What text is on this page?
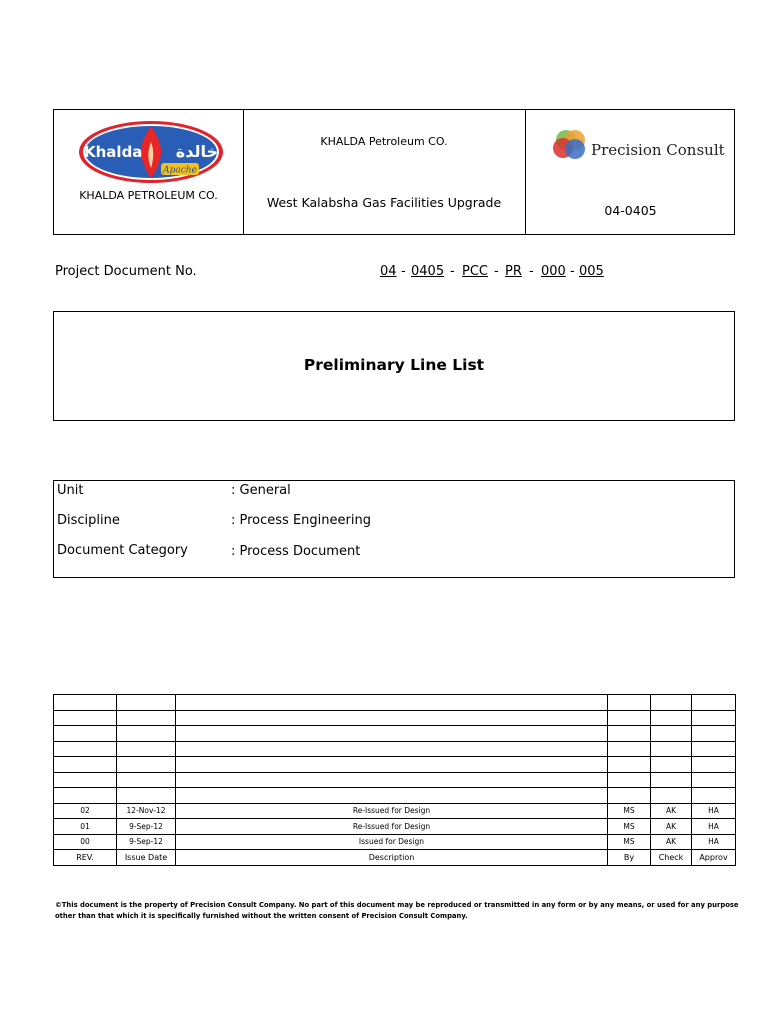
Khalda خالدة
Apache
KHALDA PETROLEUM CO.
KHALDA Petroleum CO.
West Kalabsha Gas Facilities Upgrade
Precision Consult
04-0405
Project Document No.	04 - 0405 - PCC - PR - 000 - 005
Preliminary Line List
Unit	: General
Discipline	: Process Engineering
Document Category	: Process Document

02	12-Nov-12	Re-Issued for Design	MS	AK	HA
01	9-Sep-12	Re-Issued for Design	MS	AK	HA
00	9-Sep-12	Issued for Design	MS	AK	HA
REV.	Issue Date	Description	By	Check	Approv
©This document is the property of Precision Consult Company. No part of this document may be reproduced or transmitted in any form or by any means, or used for any purpose other than that which it is specifically furnished without the written consent of Precision Consult Company.
